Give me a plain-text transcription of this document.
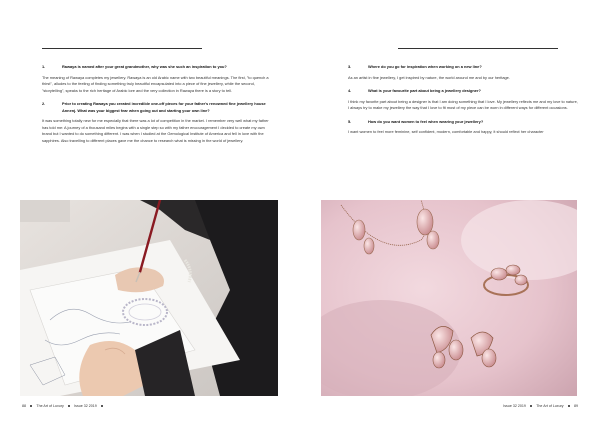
1.	Rawaya is named after your great grandmother, why was she such an inspiration to you?
The meaning of Rawaya completes my jewellery. Rawaya is an old Arabic name with two beautiful meanings. The first, "to quench a thirst", alludes to the feeling of finding something truly beautiful encapsulated into a piece of fine jewellery, while the second, "storytelling", speaks to the rich heritage of Arabic lore and the very collection in Rawaya there is a story to tell.
2.	Prior to creating Rawaya you created incredible one-off pieces for your father's renowned fine jewellery house Annenj. What was your biggest fear when going out and starting your own line?
It was something totally new for me especially that there was a lot of competition in the market. I remember very well what my father has told me: A journey of a thousand miles begins with a single step so with my father encouragement I decided to create my own brand but I wanted to do something different. I was when I studied at the Gemological Institute of America and fell in love with the sapphires. Also travelling to different places gave me the chance to research what is missing in the world of jewellery.
88	The Art of Luxury	Issue 32 2019
3.	Where do you go for inspiration when working on a new line?
As an artist in fine jewellery, I get inspired by nature, the world around me and by our heritage.
4.	What is your favourite part about being a jewellery designer?
I think my favorite part about being a designer is that I am doing something that I love. My jewellery reflects me and my love to nature, I always try to make my jewellery the way that I love to fit most of my piece can be worn in different ways for different occasions.
5.	How do you want women to feel when wearing your jewellery?
I want women to feel more feminine, self confident, modern, comfortable and happy, it should reflect her character
Issue 32 2019	The Art of Luxury	89
